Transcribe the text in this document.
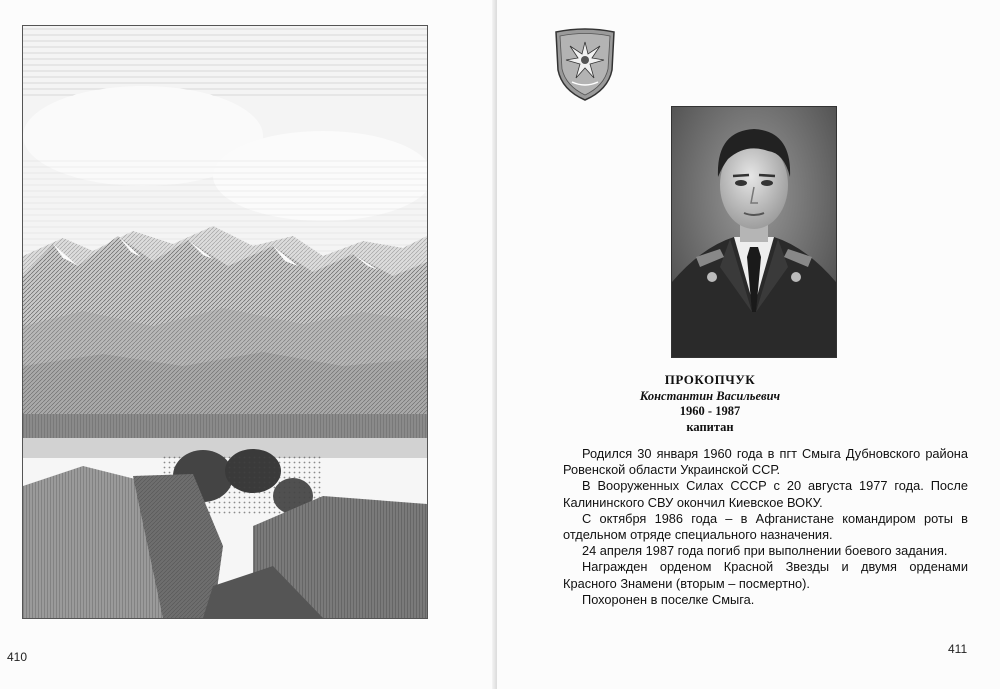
410
ПРОКОПЧУК
Константин Васильевич
1960 - 1987
капитан

Родился 30 января 1960 года в пгт Смыга Дубновского района Ровенской области Украинской ССР.

В Вооруженных Силах СССР с 20 августа 1977 года. После Калининского СВУ окончил Киевское ВОКУ.

С октября 1986 года – в Афганистане командиром роты в отдельном отряде специального назначения.

24 апреля 1987 года погиб при выполнении боевого задания.

Награжден орденом Красной Звезды и двумя орденами Красного Знамени (вторым – посмертно).

Похоронен в поселке Смыга.

411
